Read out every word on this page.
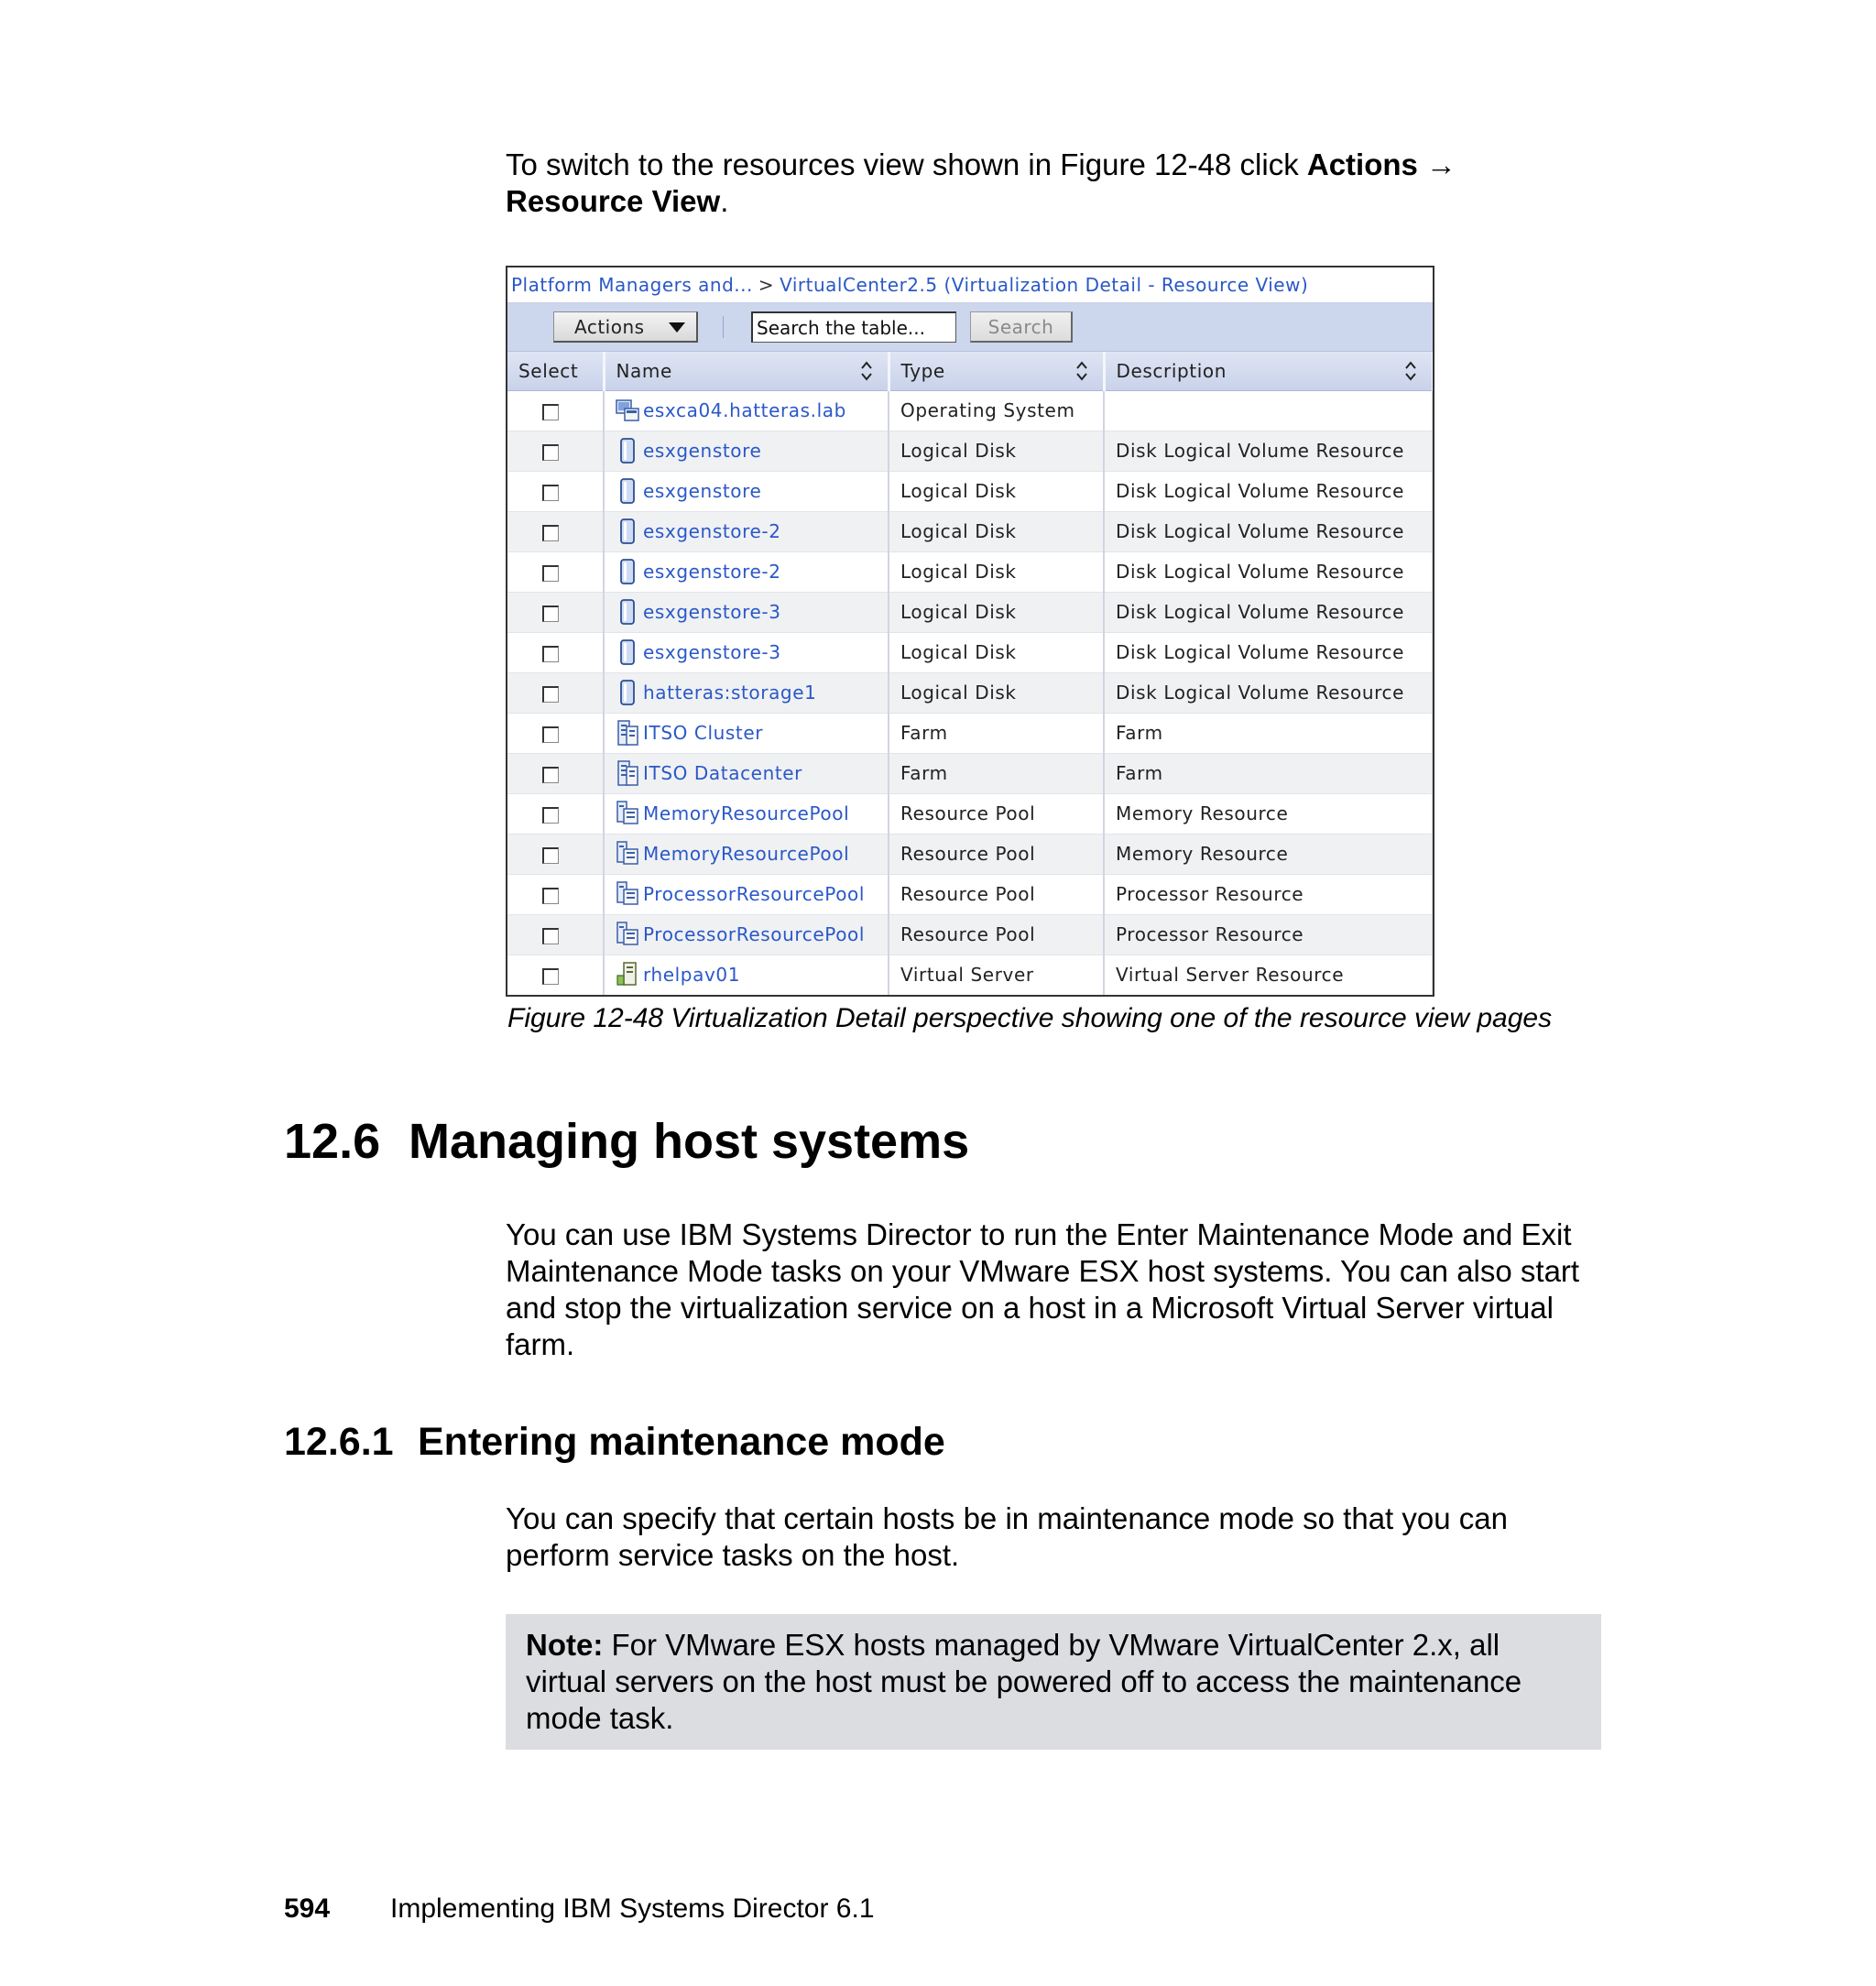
To switch to the resources view shown in Figure 12-48 click Actions →
Resource View.

Platform Managers and... > VirtualCenter2.5 (Virtualization Detail - Resource View)
Actions
Search the table...	Search
Select	Name	Type	Description

	esxca04.hatteras.lab	Operating System	
	esxgenstore	Logical Disk	Disk Logical Volume Resource
	esxgenstore	Logical Disk	Disk Logical Volume Resource
	esxgenstore-2	Logical Disk	Disk Logical Volume Resource
	esxgenstore-2	Logical Disk	Disk Logical Volume Resource
	esxgenstore-3	Logical Disk	Disk Logical Volume Resource
	esxgenstore-3	Logical Disk	Disk Logical Volume Resource
	hatteras:storage1	Logical Disk	Disk Logical Volume Resource
	ITSO Cluster	Farm	Farm
	ITSO Datacenter	Farm	Farm
	MemoryResourcePool	Resource Pool	Memory Resource
	MemoryResourcePool	Resource Pool	Memory Resource
	ProcessorResourcePool	Resource Pool	Processor Resource
	ProcessorResourcePool	Resource Pool	Processor Resource
	rhelpav01	Virtual Server	Virtual Server Resource
Figure 12-48 Virtualization Detail perspective showing one of the resource view pages
12.6 Managing host systems

You can use IBM Systems Director to run the Enter Maintenance Mode and Exit Maintenance Mode tasks on your VMware ESX host systems. You can also start and stop the virtualization service on a host in a Microsoft Virtual Server virtual farm.

12.6.1 Entering maintenance mode

You can specify that certain hosts be in maintenance mode so that you can perform service tasks on the host.

Note: For VMware ESX hosts managed by VMware VirtualCenter 2.x, all virtual servers on the host must be powered off to access the maintenance mode task.
594 Implementing IBM Systems Director 6.1
